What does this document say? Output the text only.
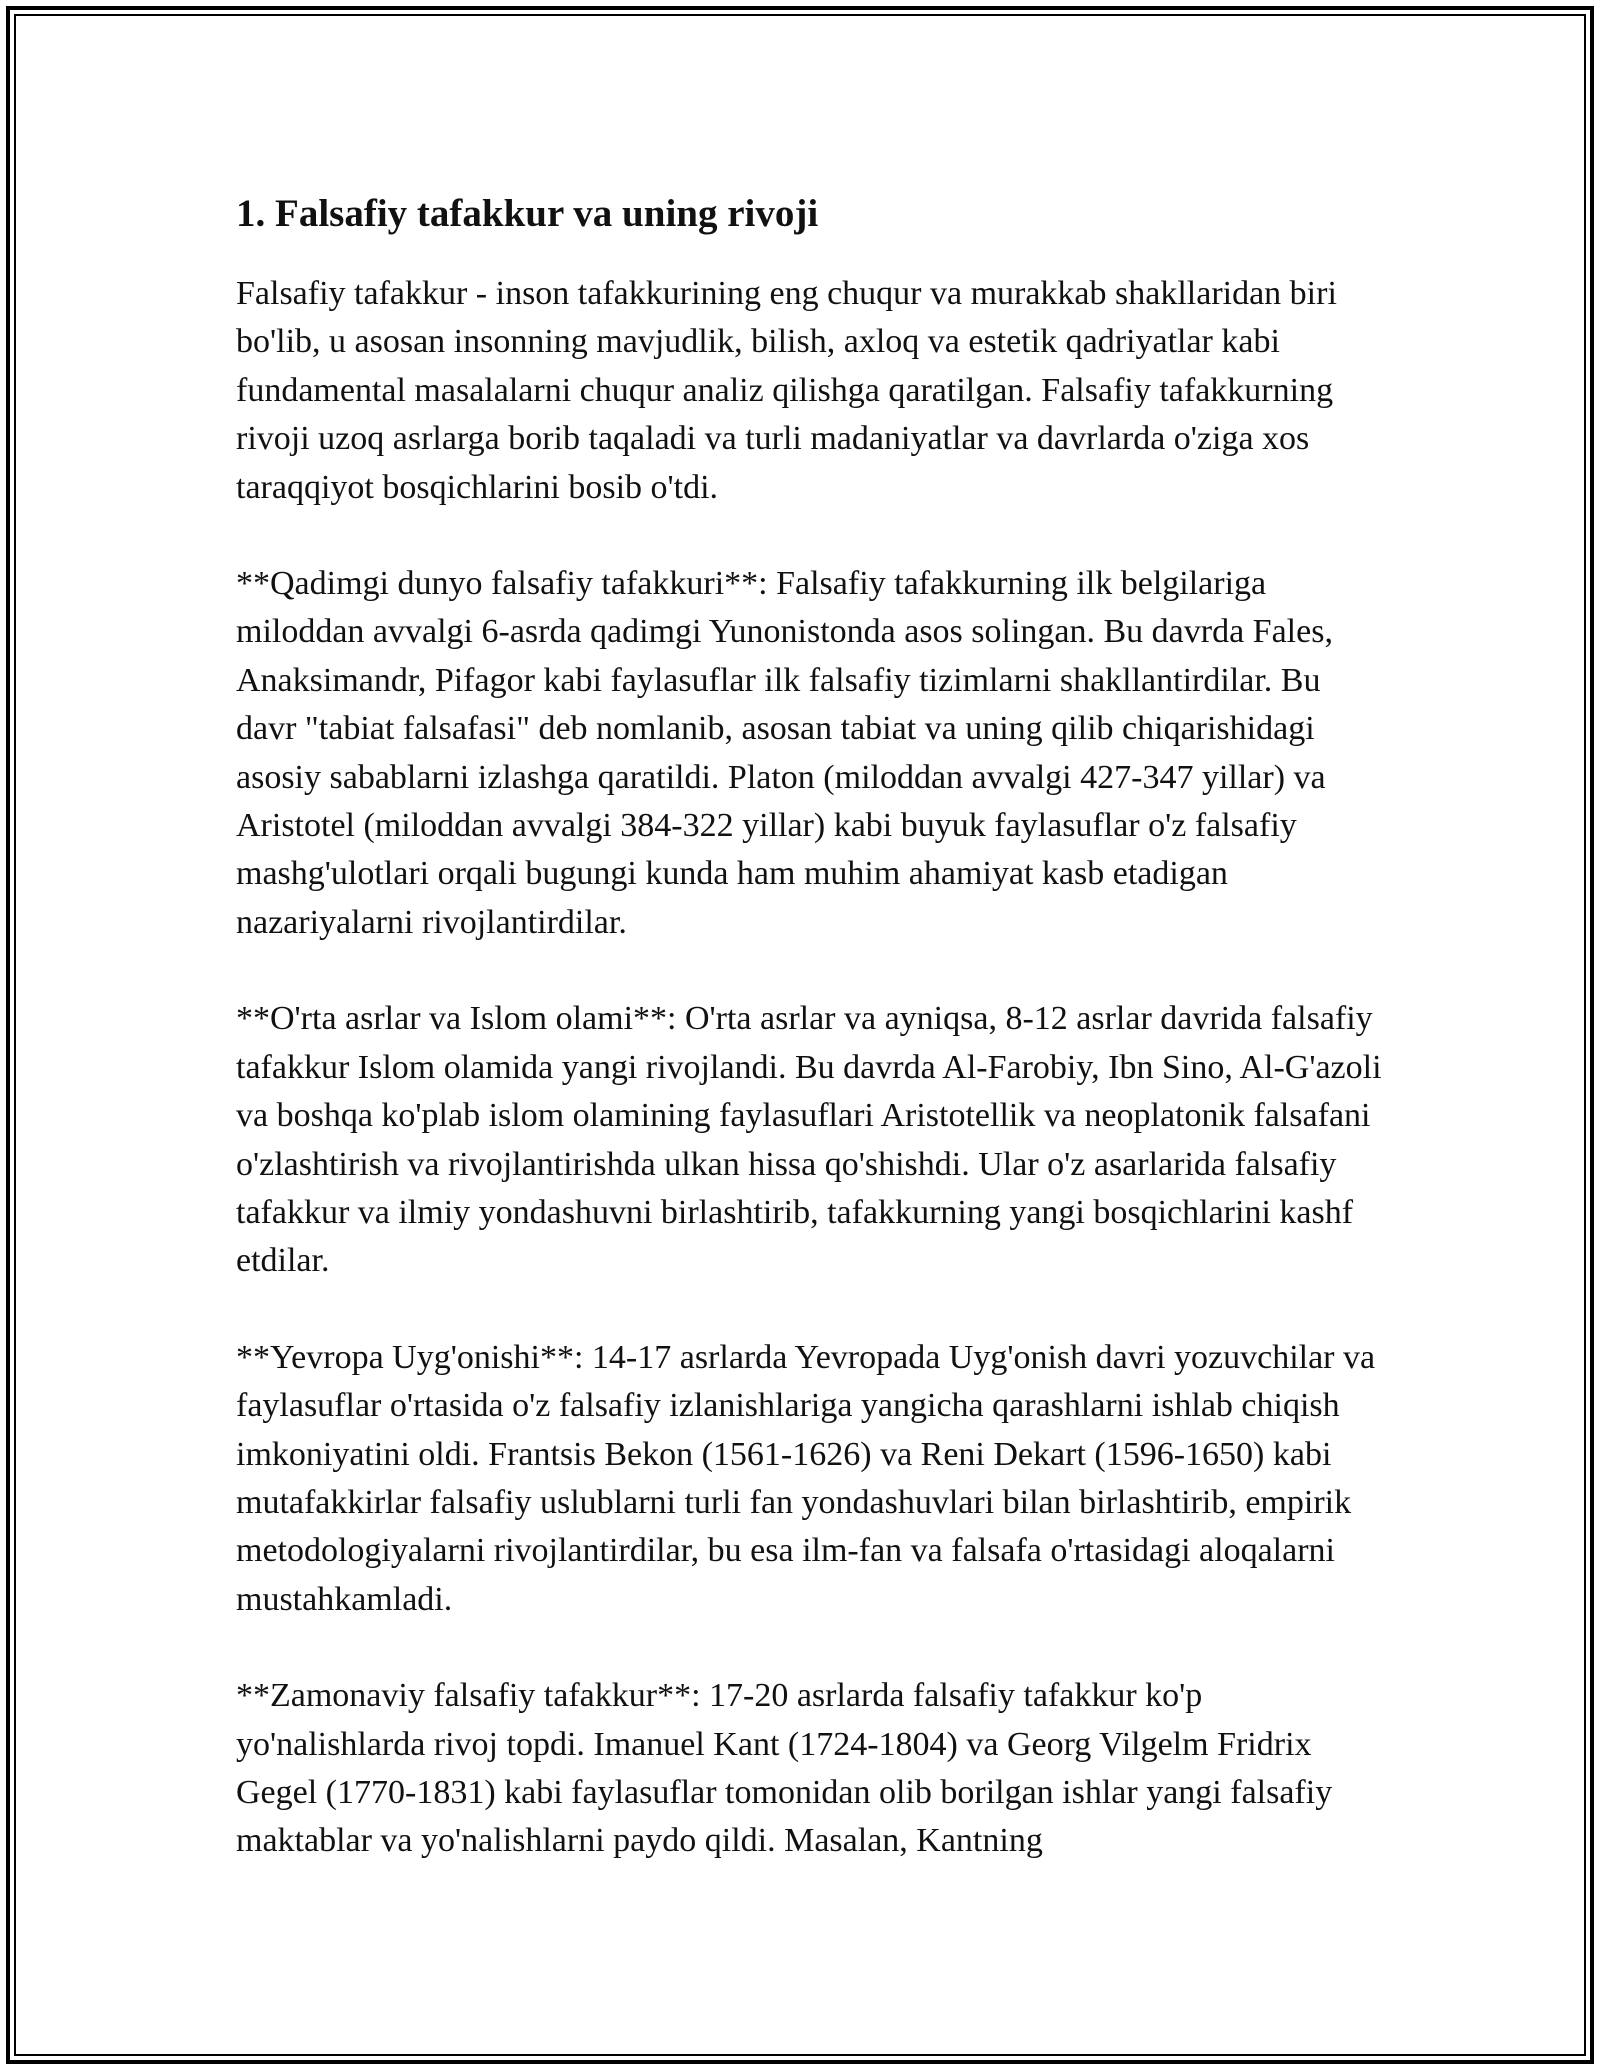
1. Falsafiy tafakkur va uning rivoji

Falsafiy tafakkur - inson tafakkurining eng chuqur va murakkab shakllaridan biri bo'lib, u asosan insonning mavjudlik, bilish, axloq va estetik qadriyatlar kabi fundamental masalalarni chuqur analiz qilishga qaratilgan. Falsafiy tafakkurning rivoji uzoq asrlarga borib taqaladi va turli madaniyatlar va davrlarda o'ziga xos taraqqiyot bosqichlarini bosib o'tdi.

**Qadimgi dunyo falsafiy tafakkuri**: Falsafiy tafakkurning ilk belgilariga miloddan avvalgi 6-asrda qadimgi Yunonistonda asos solingan. Bu davrda Fales, Anaksimandr, Pifagor kabi faylasuflar ilk falsafiy tizimlarni shakllantirdilar. Bu davr "tabiat falsafasi" deb nomlanib, asosan tabiat va uning qilib chiqarishidagi asosiy sabablarni izlashga qaratildi. Platon (miloddan avvalgi 427-347 yillar) va Aristotel (miloddan avvalgi 384-322 yillar) kabi buyuk faylasuflar o'z falsafiy mashg'ulotlari orqali bugungi kunda ham muhim ahamiyat kasb etadigan nazariyalarni rivojlantirdilar.

**O'rta asrlar va Islom olami**: O'rta asrlar va ayniqsa, 8-12 asrlar davrida falsafiy tafakkur Islom olamida yangi rivojlandi. Bu davrda Al-Farobiy, Ibn Sino, Al-G'azoli va boshqa ko'plab islom olamining faylasuflari Aristotellik va neoplatonik falsafani o'zlashtirish va rivojlantirishda ulkan hissa qo'shishdi. Ular o'z asarlarida falsafiy tafakkur va ilmiy yondashuvni birlashtirib, tafakkurning yangi bosqichlarini kashf etdilar.

**Yevropa Uyg'onishi**: 14-17 asrlarda Yevropada Uyg'onish davri yozuvchilar va faylasuflar o'rtasida o'z falsafiy izlanishlariga yangicha qarashlarni ishlab chiqish imkoniyatini oldi. Frantsis Bekon (1561-1626) va Reni Dekart (1596-1650) kabi mutafakkirlar falsafiy uslublarni turli fan yondashuvlari bilan birlashtirib, empirik metodologiyalarni rivojlantirdilar, bu esa ilm-fan va falsafa o'rtasidagi aloqalarni mustahkamladi.

**Zamonaviy falsafiy tafakkur**: 17-20 asrlarda falsafiy tafakkur ko'p yo'nalishlarda rivoj topdi. Imanuel Kant (1724-1804) va Georg Vilgelm Fridrix Gegel (1770-1831) kabi faylasuflar tomonidan olib borilgan ishlar yangi falsafiy maktablar va yo'nalishlarni paydo qildi. Masalan, Kantning
